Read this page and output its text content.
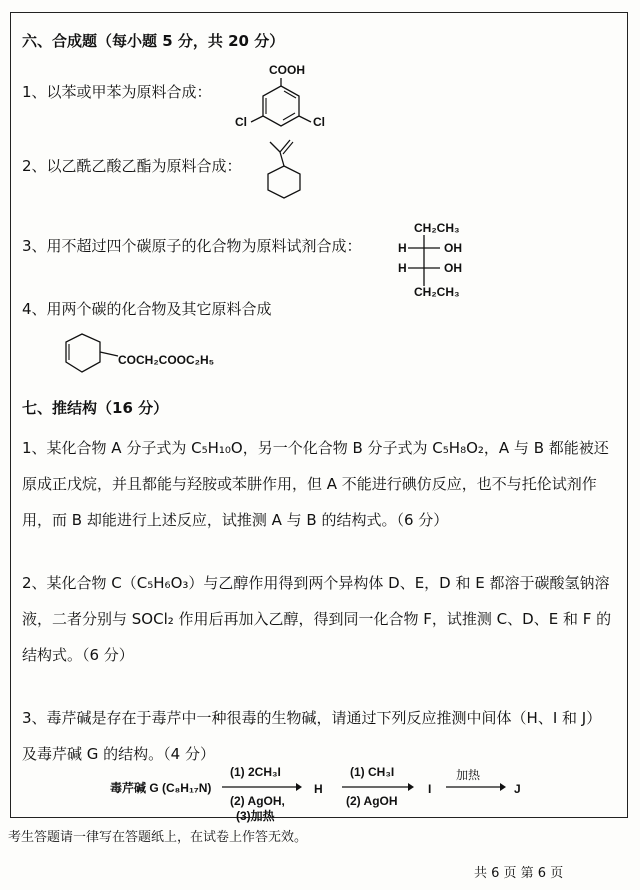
六、合成题（每小题 5 分，共 20 分）
1、以苯或甲苯为原料合成：
COOH
Cl	Cl
2、以乙酰乙酸乙酯为原料合成：
3、用不超过四个碳原子的化合物为原料试剂合成：
CH₂CH₃
H	OH
H	OH
CH₂CH₃
4、用两个碳的化合物及其它原料合成
COCH₂COOC₂H₅
七、推结构（16 分）
1、某化合物 A 分子式为 C₅H₁₀O，另一个化合物 B 分子式为 C₅H₈O₂，A 与 B 都能被还原成正戊烷，并且都能与羟胺或苯肼作用，但 A 不能进行碘仿反应，也不与托伦试剂作用，而 B 却能进行上述反应，试推测 A 与 B 的结构式。（6 分）
2、某化合物 C（C₅H₆O₃）与乙醇作用得到两个异构体 D、E，D 和 E 都溶于碳酸氢钠溶液，二者分别与 SOCl₂ 作用后再加入乙醇，得到同一化合物 F，试推测 C、D、E 和 F 的结构式。（6 分）
3、毒芹碱是存在于毒芹中一种很毒的生物碱，请通过下列反应推测中间体（H、I 和 J）及毒芹碱 G 的结构。（4 分）
毒芹碱 G (C₈H₁₇N)
(1) 2CH₃I
(2) AgOH,
(3)加热
H
(1) CH₃I
(2) AgOH
I
加热
→ J
考生答题请一律写在答题纸上，在试卷上作答无效。
共 6 页 第 6 页
